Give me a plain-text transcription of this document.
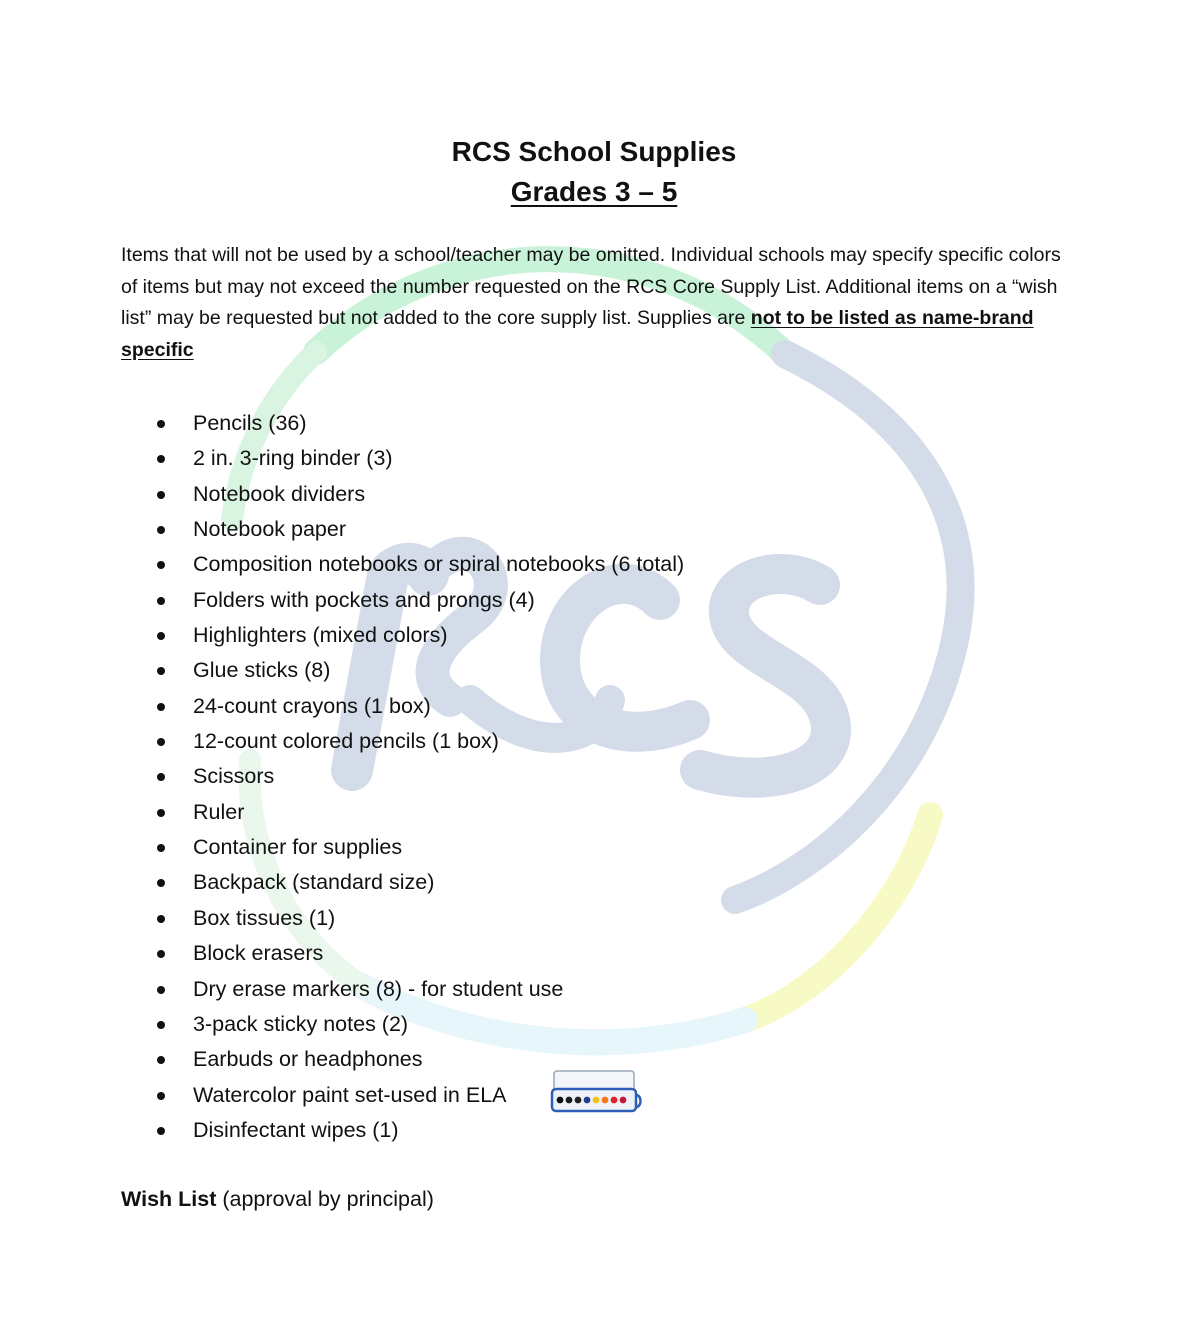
RCS School Supplies
Grades 3 – 5
Items that will not be used by a school/teacher may be omitted. Individual schools may specify specific colors of items but may not exceed the number requested on the RCS Core Supply List. Additional items on a “wish list” may be requested but not added to the core supply list. Supplies are not to be listed as name-brand specific
Pencils (36)
2 in. 3-ring binder (3)
Notebook dividers
Notebook paper
Composition notebooks or spiral notebooks (6 total)
Folders with pockets and prongs (4)
Highlighters (mixed colors)
Glue sticks (8)
24-count crayons (1 box)
12-count colored pencils (1 box)
Scissors
Ruler
Container for supplies
Backpack (standard size)
Box tissues (1)
Block erasers
Dry erase markers (8) - for student use
3-pack sticky notes (2)
Earbuds or headphones
Watercolor paint set-used in ELA
Disinfectant wipes (1)
Wish List (approval by principal)
